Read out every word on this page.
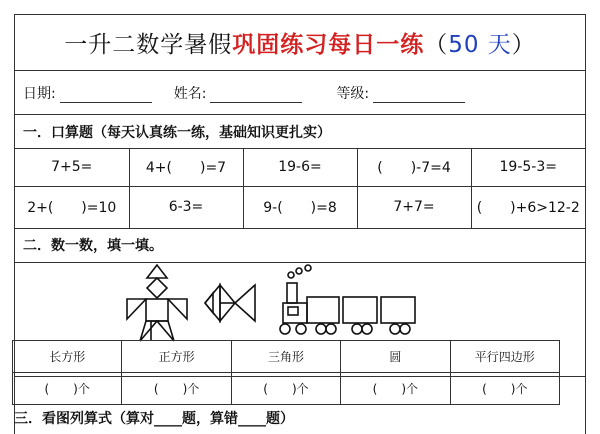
一升二数学暑假 巩固练习每日一练 （ 50 天 ）
日期:	姓名:	等级:
一．口算题（每天认真练一练，基础知识更扎实）
7+5=	4+(　　)=7	19-6=	(　　)-7=4	19-5-3=
2+(　　)=10	6-3=	9-(　　)=8	7+7=	(　　)+6>12-2
二．数一数，填一填。
长方形	正方形	三角形	圆	平行四边形
(　　)个	(　　)个	(　　)个	(　　)个	(　　)个
三．看图列算式（算对____题，算错____题）
